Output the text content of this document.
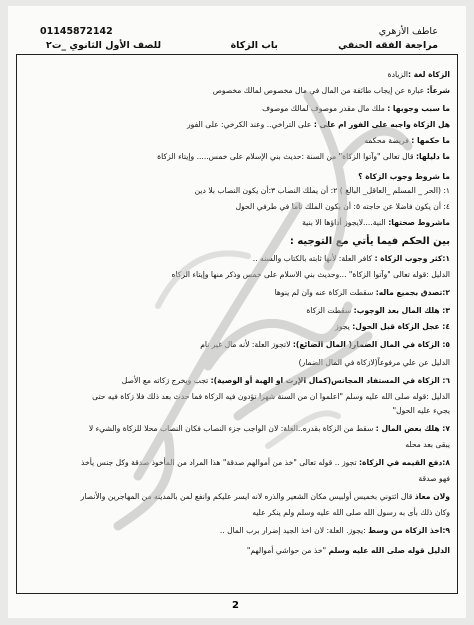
01145872142	عاطف الأزهري
مراجعة الفقه الحنفي
باب الزكاة
للصف الأول الثانوي _ت٢
الزكاة لغة :الزيادة
شرعاً: عبارة عن إيجاب طائفة من المال في مال مخصوص لمالك مخصوص
ما سبب وجوبها : ملك مال مقدر موصوف لمالك موصوف
هل الزكاة واجبه على الفور ام على : على التراخي.. وعند الكرخي: على الفور
ما حكمها : فريضة محكمه
ما دليلها: قال تعالى "وآتوا الزكاة" من السنة :حديث بني الإسلام على خمس..... وإيتاء الزكاة
ما شروط وجوب الزكاة ؟
١: (الحر _ المسلم _العاقل_ البالغ ) ٢: أن يملك النصاب ٣:أن يكون النصاب بلا دين
٤: أن يكون فاضلا عن حاجته ٥: أن يكون الملك تاما في طرفي الحول
ماشروط صحتها: النية....لايجوز أداؤها الا بنية
بين الحكم فيما يأتي مع التوجيه :
١:كثر وجوب الزكاة : كافر العلة: لأنها ثابته بالكتاب والسنه ..
الدليل :قوله تعالى "وآتوا الزكاة" ...وحديث بني الاسلام على خمس وذكر منها وإيتاء الزكاه
٢:تصدق بجميع ماله: سقطت الزكاة عنه وان لم ينوها
٣: هلك المال بعد الوجوب: سقطت الزكاة
٤: عجل الزكاة قبل الحول: يجوز
٥: الزكاة في المال الضمار( المال الضائع): لاتجوز العلة: لأنه مال غير نام
الدليل عن علي مرفوعاً(لازكاة في المال الضمار)
٦: الزكاة في المستفاد المجانس(كمال الإرث او الهبة أو الوصية): تجب ويخرج زكاته مع الأصل
الدليل :قوله صلى الله عليه وسلم "اعلموا ان من السنة شهرا تؤدون فيه الزكاة فما حدث بعد ذلك فلا زكاة فيه حتى
يجيء عليه الحول"
٧: هلك بعض المال : سقط من الزكاة بقدره..العلة: لان الواجب جزء النصاب فكان النصاب محلا للزكاة والشيء لا
يبقى بعد محله
٨:دفع القيمه في الزكاة: تجوز .. قوله تعالى "خذ من أموالهم صدقة" هذا المراد من المأخوذ صدقة وكل جنس يأخذ
فهو صدقة
ولان معاذ قال ائتوني بخميس أولبيس مكان الشعير والذره لانه ايسر عليكم وانفع لمن بالمدينه من المهاجرين والأنصار
وكان ذلك بأى به رسول الله صلى الله عليه وسلم ولم ينكر عليه
٩:اخذ الزكاة من وسط :يجوز. العلة: لان اخذ الجيد إضرار برب المال ..
الدليل قوله صلى الله عليه وسلم "خذ من حواشي أموالهم"
2
